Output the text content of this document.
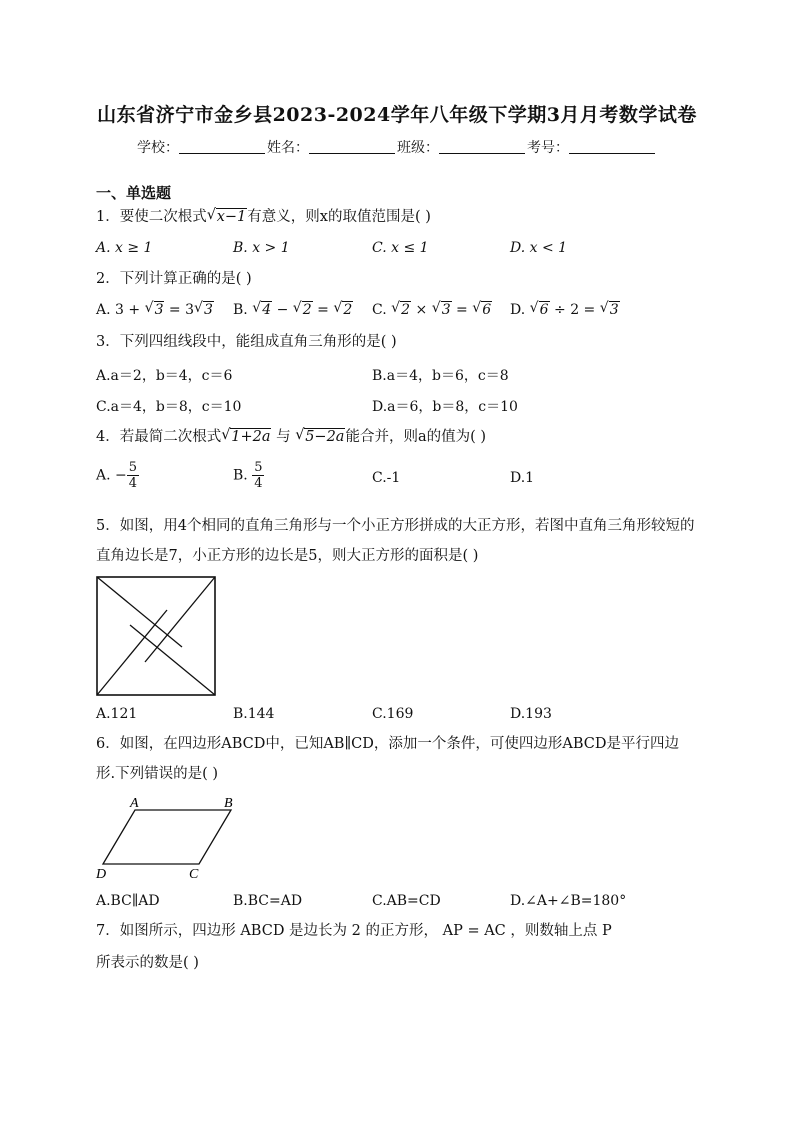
山东省济宁市金乡县2023-2024学年八年级下学期3月月考数学试卷
学校：	姓名：	班级：	考号：
一、单选题
1．要使二次根式 √ x−1有意义，则x的取值范围是( )
A. x ≥ 1	B. x > 1	C. x ≤ 1	D. x < 1
2．下列计算正确的是( )
A. 3 + √ 3 = 3 √ 3 B. √ 4 − √ 2 = √ 2 C. √ 2 × √ 3 = √ 6 D. √ 6 ÷ 2 = √ 3
3．下列四组线段中，能组成直角三角形的是( )
A.a＝2，b＝4，c＝6	B.a＝4，b＝6，c＝8
C.a＝4，b＝8，c＝10	D.a＝6，b＝8，c＝10
4．若最简二次根式 √ 1+2a 与 √ 5−2a能合并，则a的值为( )
A. − $\frac{5}{4}$	B. $\frac{5}{4}$	C.-1	D.1
5．如图，用4个相同的直角三角形与一个小正方形拼成的大正方形，若图中直角三角形较短的直角边长是7，小正方形的边长是5，则大正方形的面积是( )
A.121	B.144	C.169	D.193
6．如图，在四边形ABCD中，已知AB∥CD，添加一个条件，可使四边形ABCD是平行四边形.下列错误的是( )
A	B
C
D
A.BC∥AD	B.BC=AD	C.AB=CD	D.∠A+∠B=180°
7．如图所示，四边形 ABCD 是边长为 2 的正方形， AP = AC ，则数轴上点 P
所表示的数是( )
